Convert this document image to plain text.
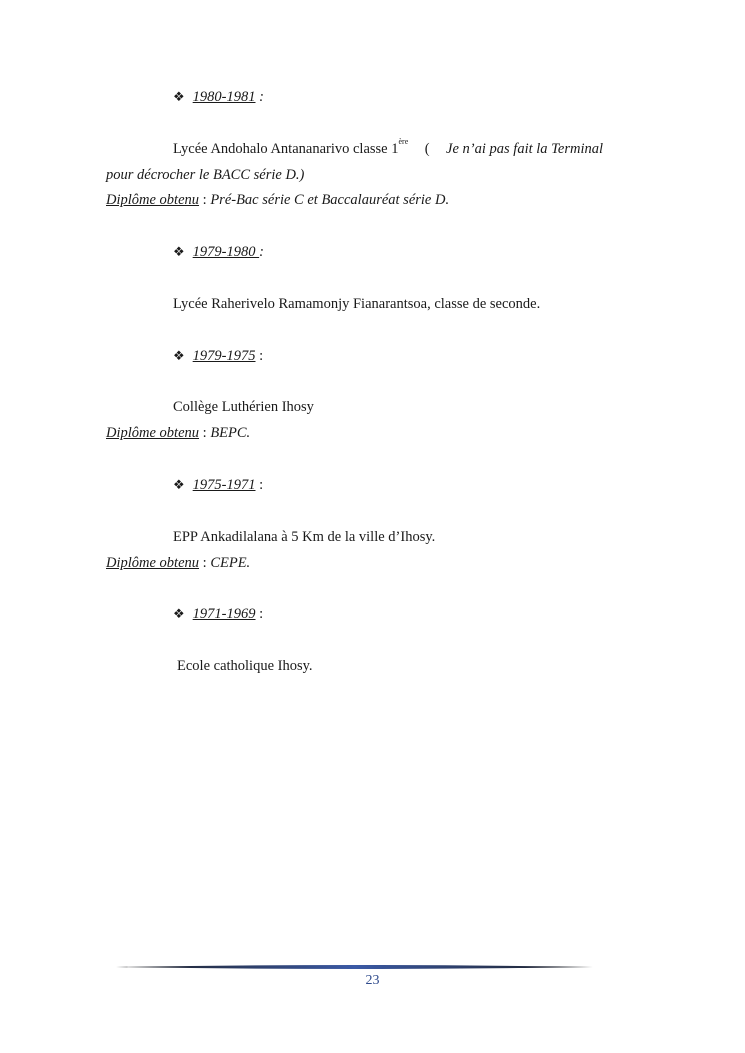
❖ 1980-1981 :
Lycée Andohalo Antananarivo classe 1ère ( Je n’ai pas fait la Terminal
pour décrocher le BACC série D.)
Diplôme obtenu : Pré-Bac série C et Baccalauréat série D.
❖ 1979-1980 :
Lycée Raherivelo Ramamonjy Fianarantsoa, classe de seconde.
❖ 1979-1975 :
Collège Luthérien Ihosy
Diplôme obtenu : BEPC.
❖ 1975-1971 :
EPP Ankadilalana à 5 Km de la ville d’Ihosy.
Diplôme obtenu : CEPE.
❖ 1971-1969 :
Ecole catholique Ihosy.
23
